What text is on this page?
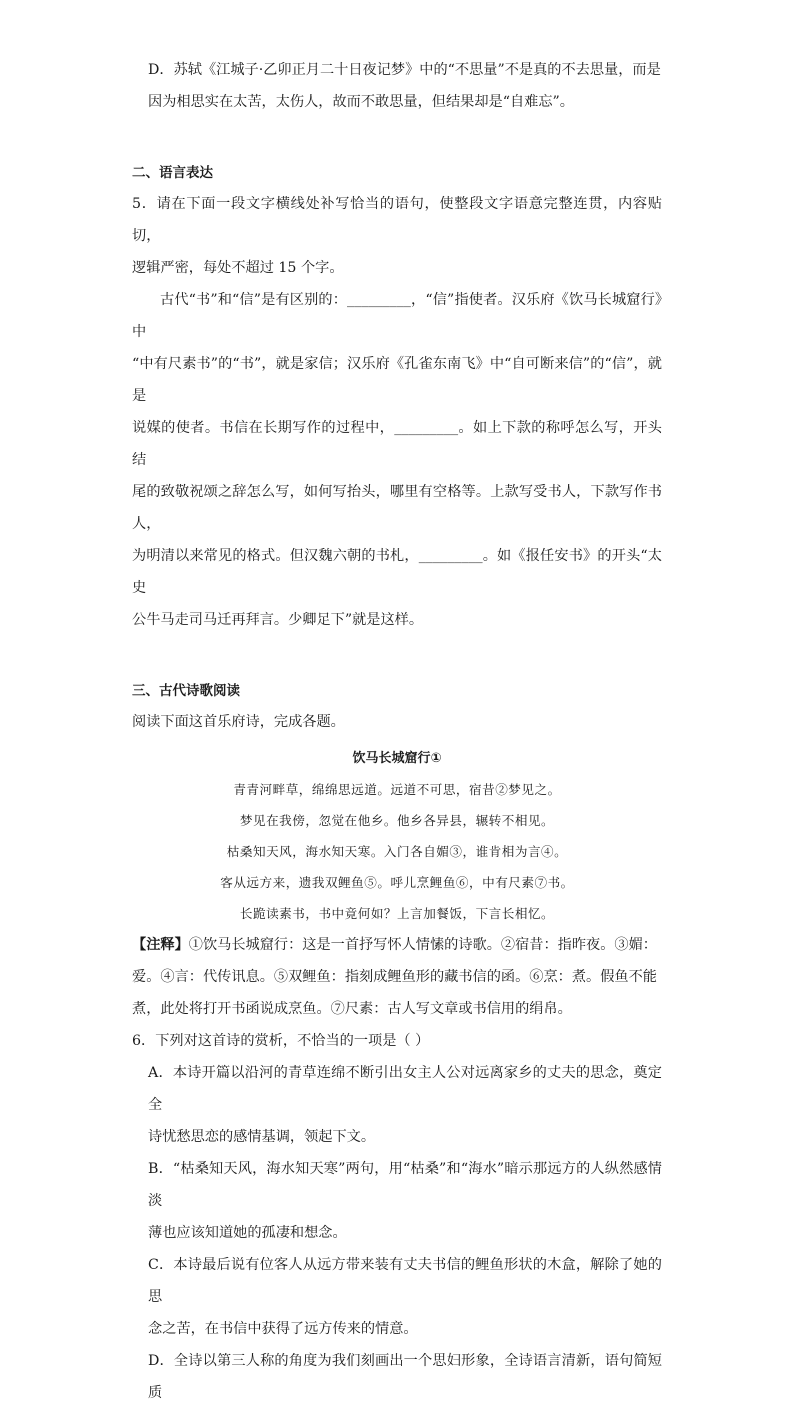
D．苏轼《江城子·乙卯正月二十日夜记梦》中的“不思量”不是真的不去思量，而是

因为相思实在太苦，太伤人，故而不敢思量，但结果却是“自难忘”。

二、语言表达

5．请在下面一段文字横线处补写恰当的语句，使整段文字语意完整连贯，内容贴切，

逻辑严密，每处不超过 15 个字。

古代“书”和“信”是有区别的：_________，“信”指使者。汉乐府《饮马长城窟行》中

“中有尺素书”的“书”，就是家信；汉乐府《孔雀东南飞》中“自可断来信”的“信”，就是

说媒的使者。书信在长期写作的过程中，_________。如上下款的称呼怎么写，开头结

尾的致敬祝颂之辞怎么写，如何写抬头，哪里有空格等。上款写受书人，下款写作书人，

为明清以来常见的格式。但汉魏六朝的书札，_________。如《报任安书》的开头“太史

公牛马走司马迁再拜言。少卿足下”就是这样。

三、古代诗歌阅读

阅读下面这首乐府诗，完成各题。

饮马长城窟行①

青青河畔草，绵绵思远道。远道不可思，宿昔②梦见之。

梦见在我傍，忽觉在他乡。他乡各异县，辗转不相见。

枯桑知天风，海水知天寒。入门各自媚③，谁肯相为言④。

客从远方来，遗我双鲤鱼⑤。呼儿烹鲤鱼⑥，中有尺素⑦书。

长跪读素书，书中竟何如？上言加餐饭，下言长相忆。

【注释】①饮马长城窟行：这是一首抒写怀人情愫的诗歌。②宿昔：指昨夜。③媚：

爱。④言：代传讯息。⑤双鲤鱼：指刻成鲤鱼形的藏书信的函。⑥烹：煮。假鱼不能

煮，此处将打开书函说成烹鱼。⑦尺素：古人写文章或书信用的绢帛。

6．下列对这首诗的赏析，不恰当的一项是（ ）

A．本诗开篇以沿河的青草连绵不断引出女主人公对远离家乡的丈夫的思念，奠定全

诗忧愁思恋的感情基调，领起下文。

B．“枯桑知天风，海水知天寒”两句，用“枯桑”和“海水”暗示那远方的人纵然感情淡

薄也应该知道她的孤凄和想念。

C．本诗最后说有位客人从远方带来装有丈夫书信的鲤鱼形状的木盒，解除了她的思

念之苦，在书信中获得了远方传来的情意。

D．全诗以第三人称的角度为我们刻画出一个思妇形象，全诗语言清新，语句简短质
